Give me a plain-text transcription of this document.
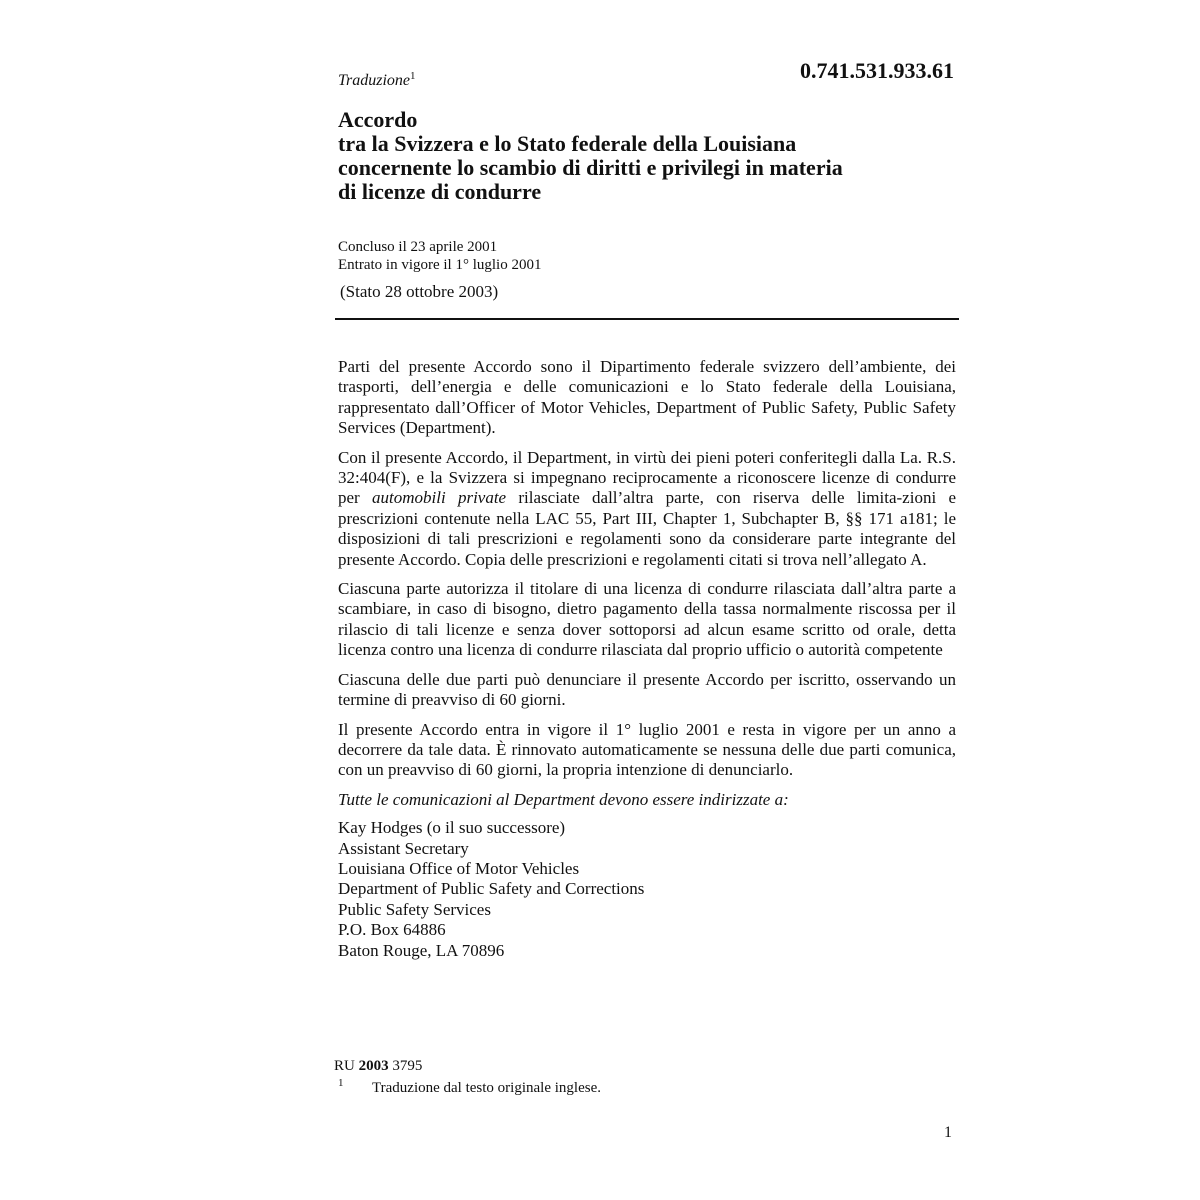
Traduzione$^1$	0.741.531.933.61
Accordo
tra la Svizzera e lo Stato federale della Louisiana
concernente lo scambio di diritti e privilegi in materia
di licenze di condurre
Concluso il 23 aprile 2001
Entrato in vigore il 1° luglio 2001
(Stato 28 ottobre 2003)

Parti del presente Accordo sono il Dipartimento federale svizzero dell’ambiente, dei trasporti, dell’energia e delle comunicazioni e lo Stato federale della Louisiana, rappresentato dall’Officer of Motor Vehicles, Department of Public Safety, Public Safety Services (Department).

Con il presente Accordo, il Department, in virtù dei pieni poteri conferitegli dalla La. R.S. 32:404(F), e la Svizzera si impegnano reciprocamente a riconoscere licenze di condurre per automobili private rilasciate dall’altra parte, con riserva delle limita-zioni e prescrizioni contenute nella LAC 55, Part III, Chapter 1, Subchapter B, §§ 171 a181; le disposizioni di tali prescrizioni e regolamenti sono da considerare parte integrante del presente Accordo. Copia delle prescrizioni e regolamenti citati si trova nell’allegato A.

Ciascuna parte autorizza il titolare di una licenza di condurre rilasciata dall’altra parte a scambiare, in caso di bisogno, dietro pagamento della tassa normalmente riscossa per il rilascio di tali licenze e senza dover sottoporsi ad alcun esame scritto od orale, detta licenza contro una licenza di condurre rilasciata dal proprio ufficio o autorità competente

Ciascuna delle due parti può denunciare il presente Accordo per iscritto, osservando un termine di preavviso di 60 giorni.

Il presente Accordo entra in vigore il 1° luglio 2001 e resta in vigore per un anno a decorrere da tale data. È rinnovato automaticamente se nessuna delle due parti comunica, con un preavviso di 60 giorni, la propria intenzione di denunciarlo.

Tutte le comunicazioni al Department devono essere indirizzate a:

Kay Hodges (o il suo successore)
Assistant Secretary
Louisiana Office of Motor Vehicles
Department of Public Safety and Corrections
Public Safety Services
P.O. Box 64886
Baton Rouge, LA 70896
RU 2003 3795
1 Traduzione dal testo originale inglese.
1
